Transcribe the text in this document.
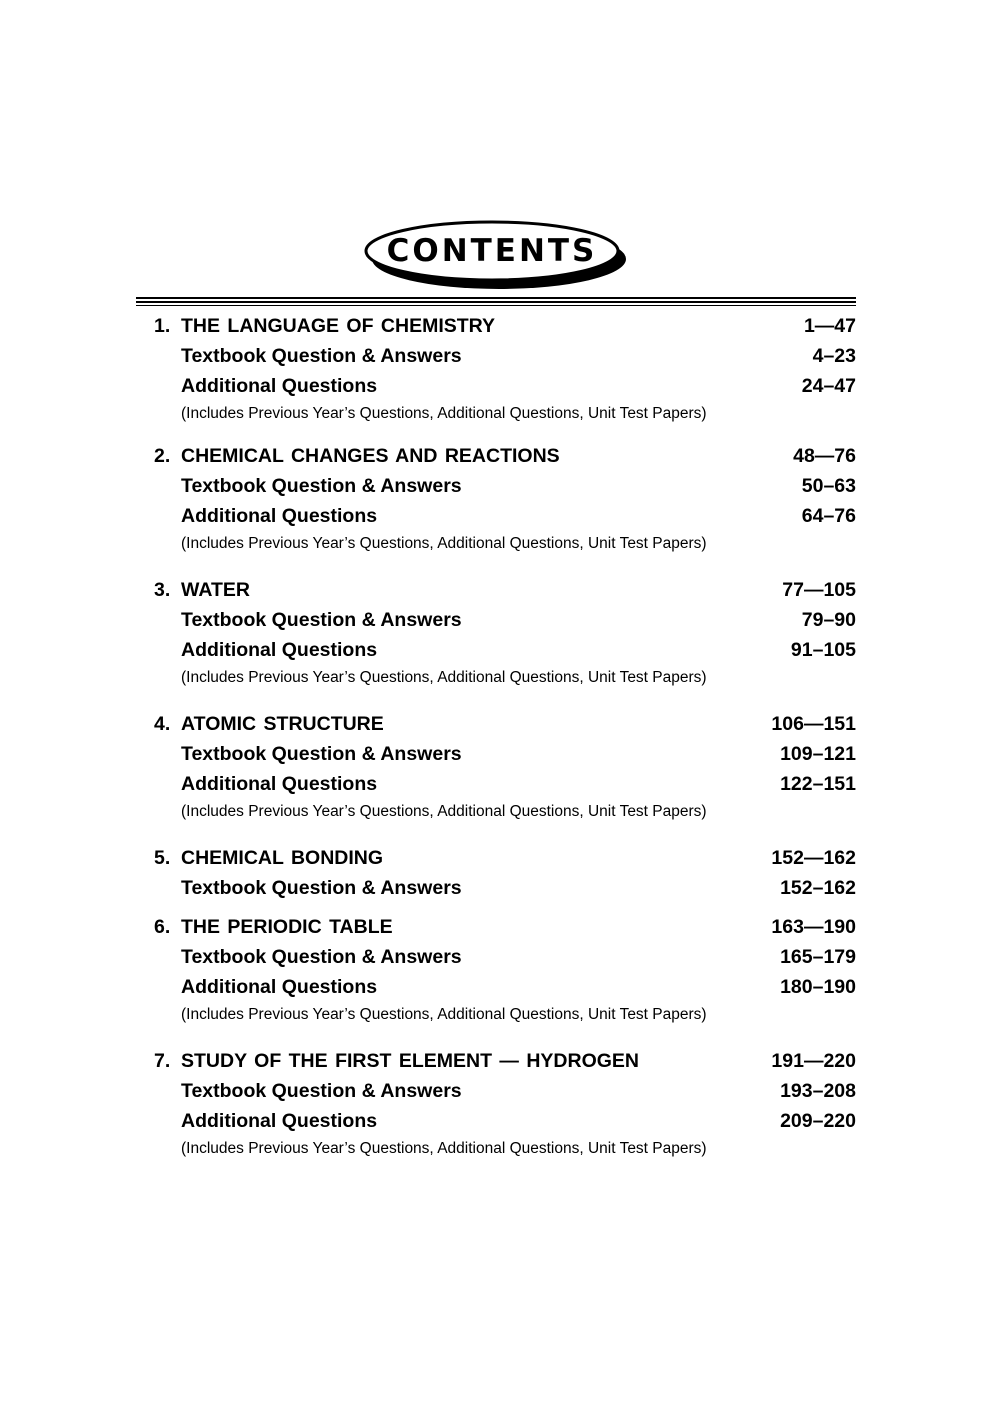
CONTENTS
1. THE LANGUAGE OF CHEMISTRY	1—47
Textbook Question & Answers	4–23
Additional Questions	24–47
(Includes Previous Year’s Questions, Additional Questions, Unit Test Papers)
2. CHEMICAL CHANGES AND REACTIONS	48—76
Textbook Question & Answers	50–63
Additional Questions	64–76
(Includes Previous Year’s Questions, Additional Questions, Unit Test Papers)
3. WATER	77—105
Textbook Question & Answers	79–90
Additional Questions	91–105
(Includes Previous Year’s Questions, Additional Questions, Unit Test Papers)
4. ATOMIC STRUCTURE	106—151
Textbook Question & Answers	109–121
Additional Questions	122–151
(Includes Previous Year’s Questions, Additional Questions, Unit Test Papers)
5. CHEMICAL BONDING	152—162
Textbook Question & Answers	152–162
6. THE PERIODIC TABLE	163—190
Textbook Question & Answers	165–179
Additional Questions	180–190
(Includes Previous Year’s Questions, Additional Questions, Unit Test Papers)
7. STUDY OF THE FIRST ELEMENT — HYDROGEN	191—220
Textbook Question & Answers	193–208
Additional Questions	209–220
(Includes Previous Year’s Questions, Additional Questions, Unit Test Papers)
